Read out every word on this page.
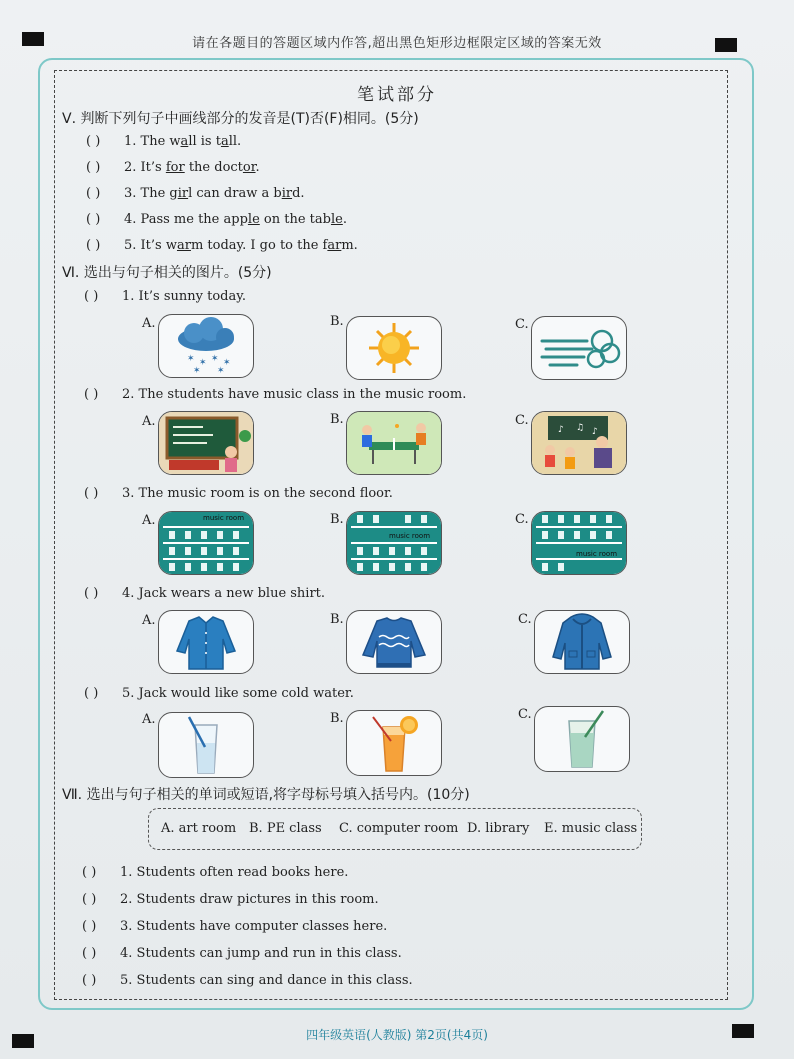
请在各题目的答题区域内作答,超出黑色矩形边框限定区域的答案无效
笔试部分
Ⅴ. 判断下列句子中画线部分的发音是(T)否(F)相同。(5分)
( ) 1. The wall is tall.
( ) 2. It’s for the doctor.
( ) 3. The girl can draw a bird.
( ) 4. Pass me the apple on the table.
( ) 5. It’s warm today. I go to the farm.
Ⅵ. 选出与句子相关的图片。(5分)
( ) 1. It’s sunny today.
( ) 2. The students have music class in the music room.
( ) 3. The music room is on the second floor.
( ) 4. Jack wears a new blue shirt.
( ) 5. Jack would like some cold water.
A.
✶ ✶ ✶ ✶
✶ ✶
B.	C.
A.	B.	C.
♪ ♫ ♪
A.	music room	B.
music room
C.
music room
A.	B.	C.
A.	B.	C.
Ⅶ. 选出与句子相关的单词或短语,将字母标号填入括号内。(10分)
A. art room B. PE class C. computer room D. library E. music class
( ) 1. Students often read books here.
( ) 2. Students draw pictures in this room.
( ) 3. Students have computer classes here.
( ) 4. Students can jump and run in this class.
( ) 5. Students can sing and dance in this class.
四年级英语(人教版) 第2页(共4页)
